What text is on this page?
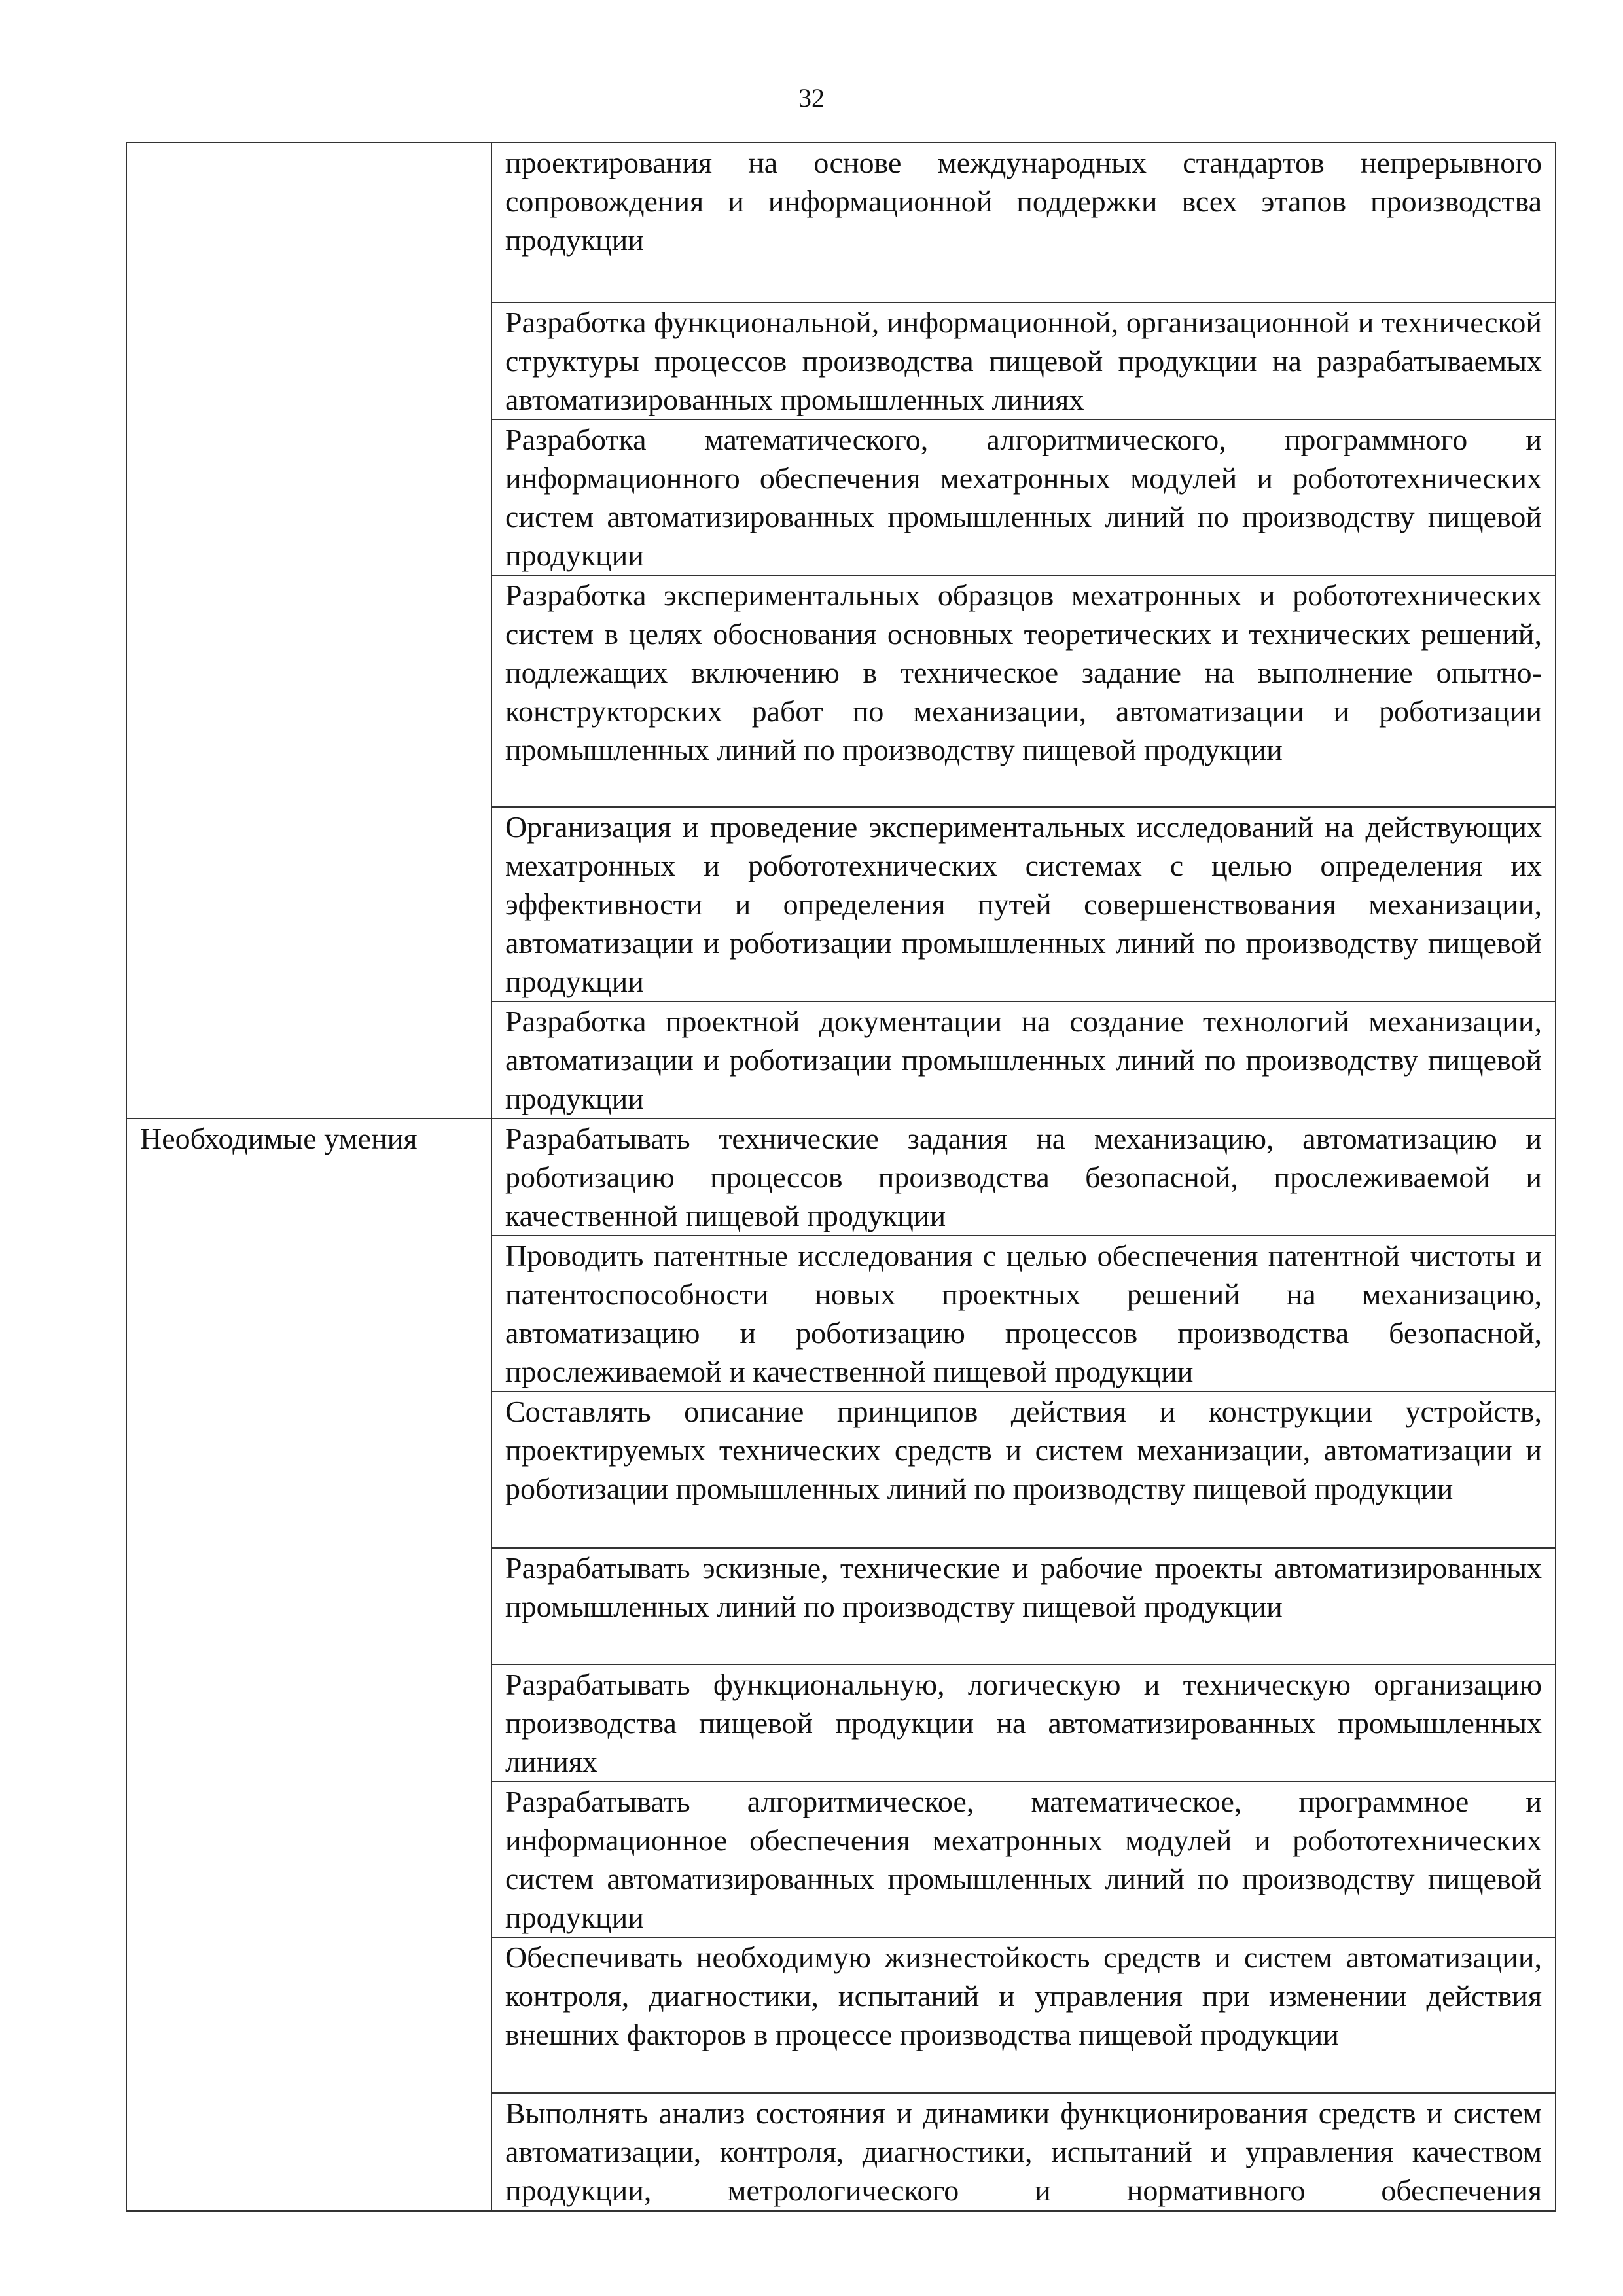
32
	проектирования на основе международных стандартов непрерывного сопровождения и информационной поддержки всех этапов производства продукции
	Разработка функциональной, информационной, организационной и технической структуры процессов производства пищевой продукции на разрабатываемых автоматизированных промышленных линиях
	Разработка математического, алгоритмического, программного и информационного обеспечения мехатронных модулей и робототехнических систем автоматизированных промышленных линий по производству пищевой продукции
	Разработка экспериментальных образцов мехатронных и робототехнических систем в целях обоснования основных теоретических и технических решений, подлежащих включению в техническое задание на выполнение опытно-конструкторских работ по механизации, автоматизации и роботизации промышленных линий по производству пищевой продукции
	Организация и проведение экспериментальных исследований на действующих мехатронных и робототехнических системах с целью определения их эффективности и определения путей совершенствования механизации, автоматизации и роботизации промышленных линий по производству пищевой продукции
	Разработка проектной документации на создание технологий механизации, автоматизации и роботизации промышленных линий по производству пищевой продукции
Необходимые умения	Разрабатывать технические задания на механизацию, автоматизацию и роботизацию процессов производства безопасной, прослеживаемой и качественной пищевой продукции
	Проводить патентные исследования с целью обеспечения патентной чистоты и патентоспособности новых проектных решений на механизацию, автоматизацию и роботизацию процессов производства безопасной, прослеживаемой и качественной пищевой продукции
	Составлять описание принципов действия и конструкции устройств, проектируемых технических средств и систем механизации, автоматизации и роботизации промышленных линий по производству пищевой продукции
	Разрабатывать эскизные, технические и рабочие проекты автоматизированных промышленных линий по производству пищевой продукции
	Разрабатывать функциональную, логическую и техническую организацию производства пищевой продукции на автоматизированных промышленных линиях
	Разрабатывать алгоритмическое, математическое, программное и информационное обеспечения мехатронных модулей и робототехнических систем автоматизированных промышленных линий по производству пищевой продукции
	Обеспечивать необходимую жизнестойкость средств и систем автоматизации, контроля, диагностики, испытаний и управления при изменении действия внешних факторов в процессе производства пищевой продукции
	Выполнять анализ состояния и динамики функционирования средств и систем автоматизации, контроля, диагностики, испытаний и управления качеством продукции, метрологического и нормативного обеспечения
